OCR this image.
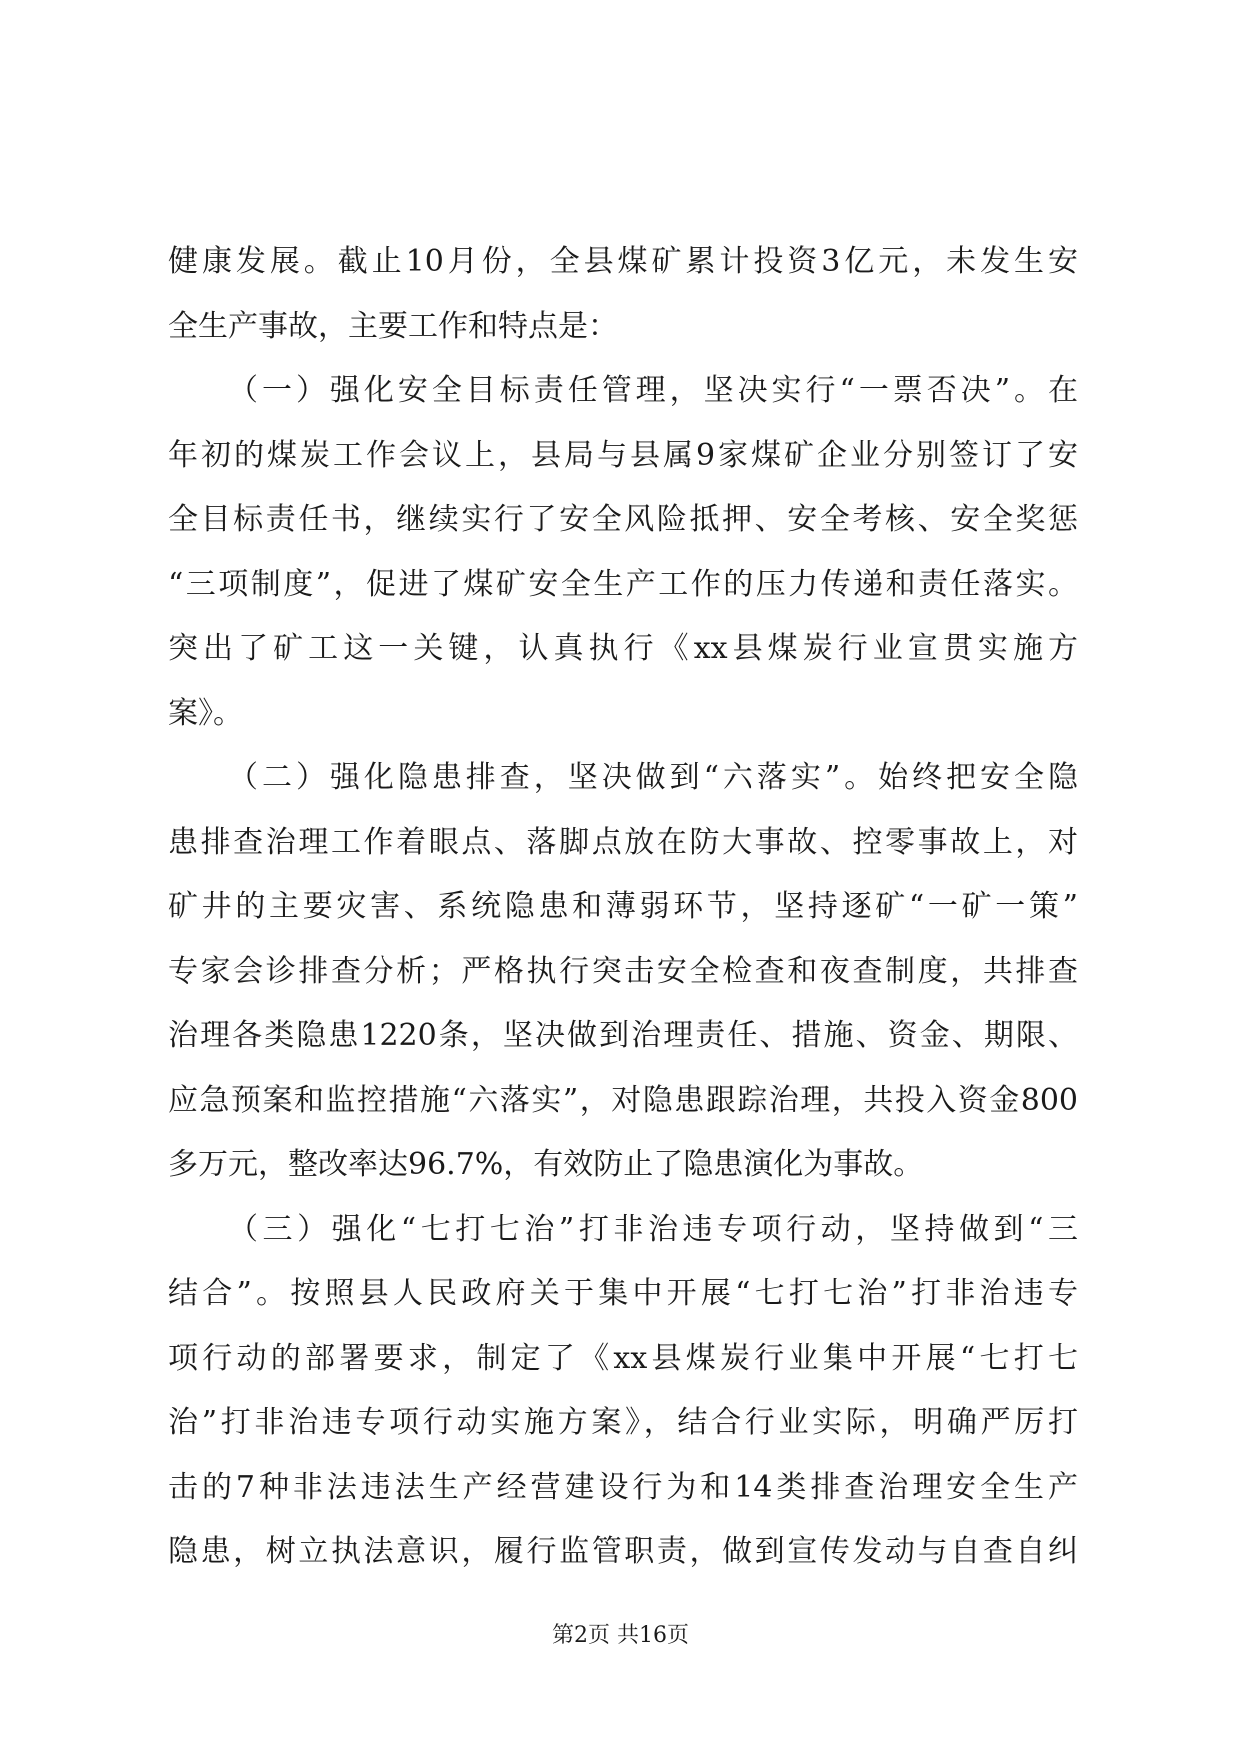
健康发展。截止10月份，全县煤矿累计投资3亿元，未发生安
全生产事故，主要工作和特点是：
（一）强化安全目标责任管理，坚决实行“一票否决”。在
年初的煤炭工作会议上，县局与县属9家煤矿企业分别签订了安
全目标责任书，继续实行了安全风险抵押、安全考核、安全奖惩
“三项制度”，促进了煤矿安全生产工作的压力传递和责任落实。
突出了矿工这一关键，认真执行《xx县煤炭行业宣贯实施方
案》。
（二）强化隐患排查，坚决做到“六落实”。始终把安全隐
患排查治理工作着眼点、落脚点放在防大事故、控零事故上，对
矿井的主要灾害、系统隐患和薄弱环节，坚持逐矿“一矿一策”
专家会诊排查分析；严格执行突击安全检查和夜查制度，共排查
治理各类隐患1220条，坚决做到治理责任、措施、资金、期限、
应急预案和监控措施“六落实”，对隐患跟踪治理，共投入资金800
多万元，整改率达96.7%，有效防止了隐患演化为事故。
（三）强化“七打七治”打非治违专项行动，坚持做到“三
结合”。按照县人民政府关于集中开展“七打七治”打非治违专
项行动的部署要求，制定了《xx县煤炭行业集中开展“七打七
治”打非治违专项行动实施方案》，结合行业实际，明确严厉打
击的7种非法违法生产经营建设行为和14类排查治理安全生产
隐患，树立执法意识，履行监管职责，做到宣传发动与自查自纠
第2页 共16页
